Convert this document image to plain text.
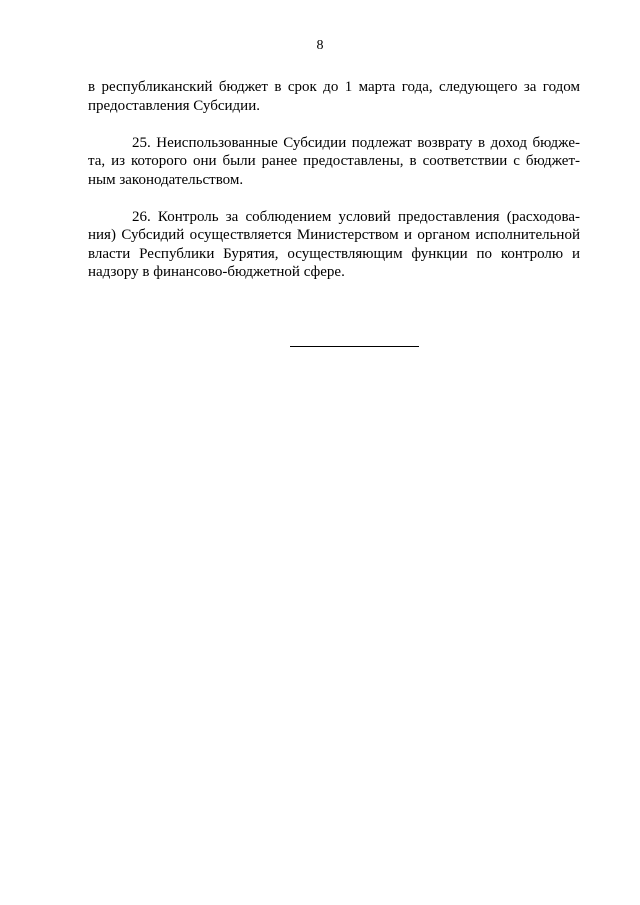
8

в республиканский бюджет в срок до 1 марта года, следующего за годом
предоставления Субсидии.

25. Неиспользованные Субсидии подлежат возврату в доход бюдже-
та, из которого они были ранее предоставлены, в соответствии с бюджет-
ным законодательством.

26. Контроль за соблюдением условий предоставления (расходова-
ния) Субсидий осуществляется Министерством и органом исполнительной
власти Республики Бурятия, осуществляющим функции по контролю и
надзору в финансово-бюджетной сфере.
